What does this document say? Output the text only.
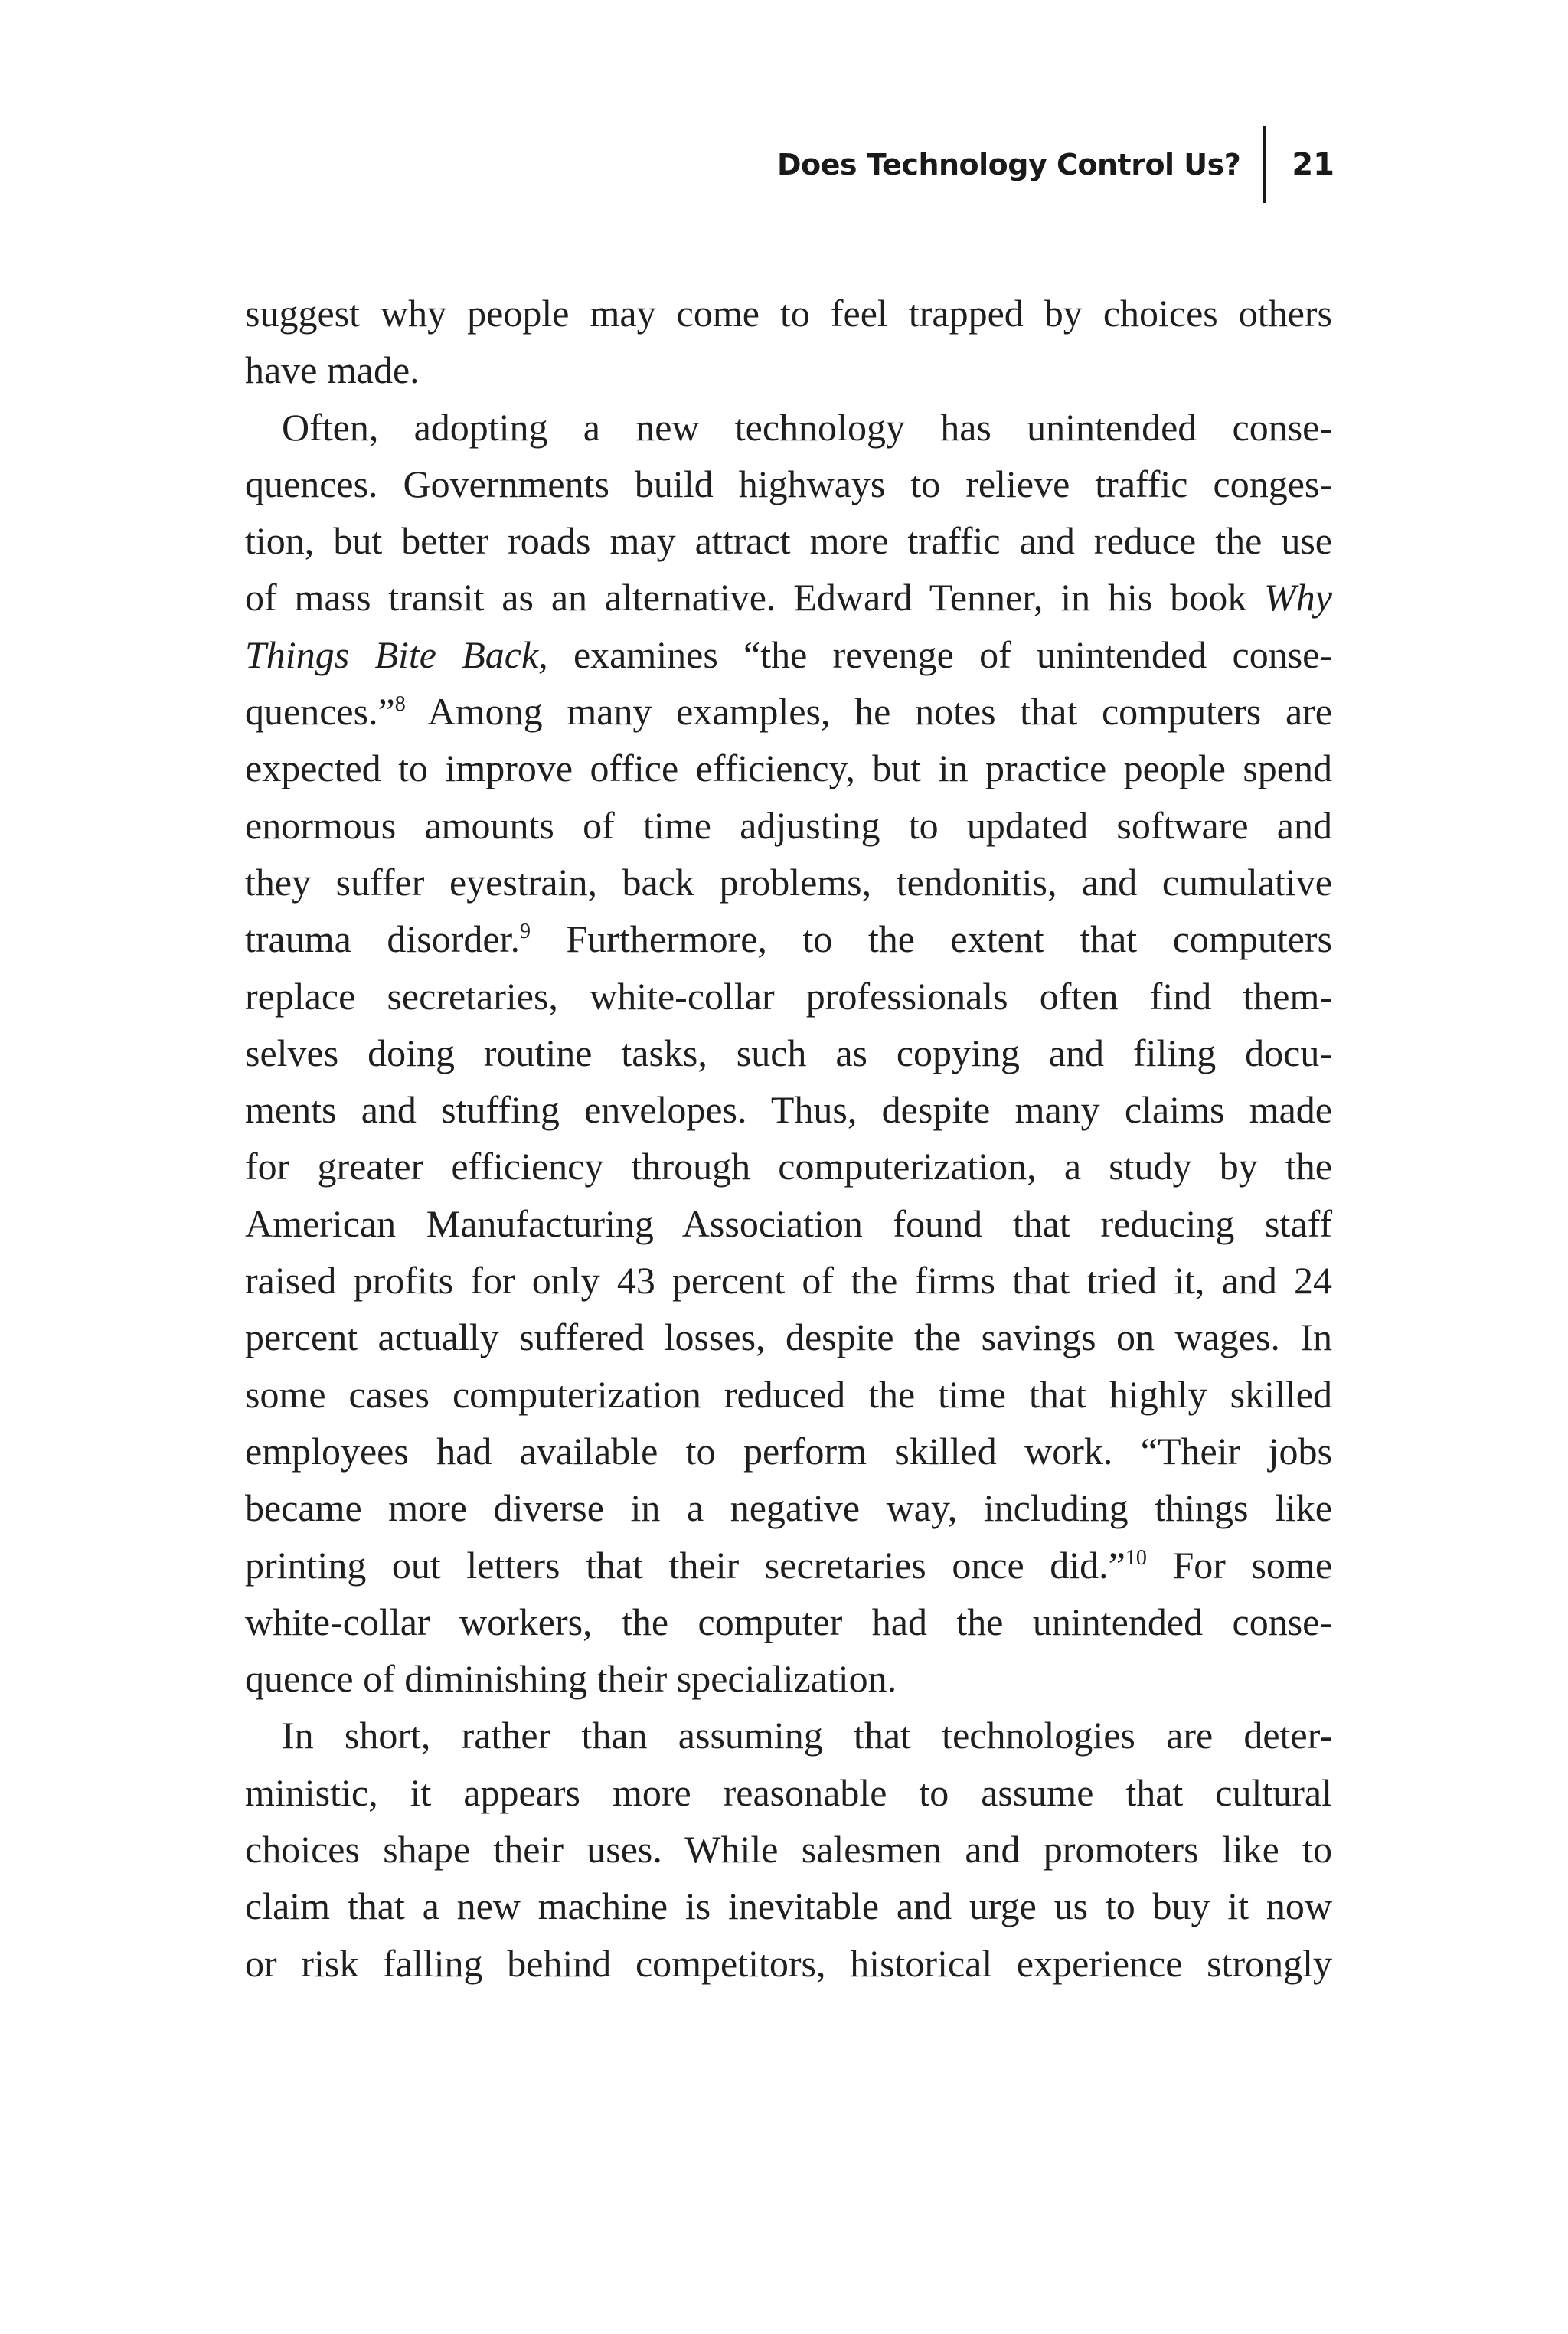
Does Technology Control Us? 21

suggest why people may come to feel trapped by choices others
have made.

Often, adopting a new technology has unintended conse-
quences. Governments build highways to relieve traffic conges-
tion, but better roads may attract more traffic and reduce the use
of mass transit as an alternative. Edward Tenner, in his book Why
Things Bite Back, examines “the revenge of unintended conse-
quences.”$^8$ Among many examples, he notes that computers are
expected to improve office efficiency, but in practice people spend
enormous amounts of time adjusting to updated software and
they suffer eyestrain, back problems, tendonitis, and cumulative
trauma disorder.$^9$ Furthermore, to the extent that computers
replace secretaries, white-collar professionals often find them-
selves doing routine tasks, such as copying and filing docu-
ments and stuffing envelopes. Thus, despite many claims made
for greater efficiency through computerization, a study by the
American Manufacturing Association found that reducing staff
raised profits for only 43 percent of the firms that tried it, and 24
percent actually suffered losses, despite the savings on wages. In
some cases computerization reduced the time that highly skilled
employees had available to perform skilled work. “Their jobs
became more diverse in a negative way, including things like
printing out letters that their secretaries once did.”$^{10}$ For some
white-collar workers, the computer had the unintended conse-
quence of diminishing their specialization.

In short, rather than assuming that technologies are deter-
ministic, it appears more reasonable to assume that cultural
choices shape their uses. While salesmen and promoters like to
claim that a new machine is inevitable and urge us to buy it now
or risk falling behind competitors, historical experience strongly
